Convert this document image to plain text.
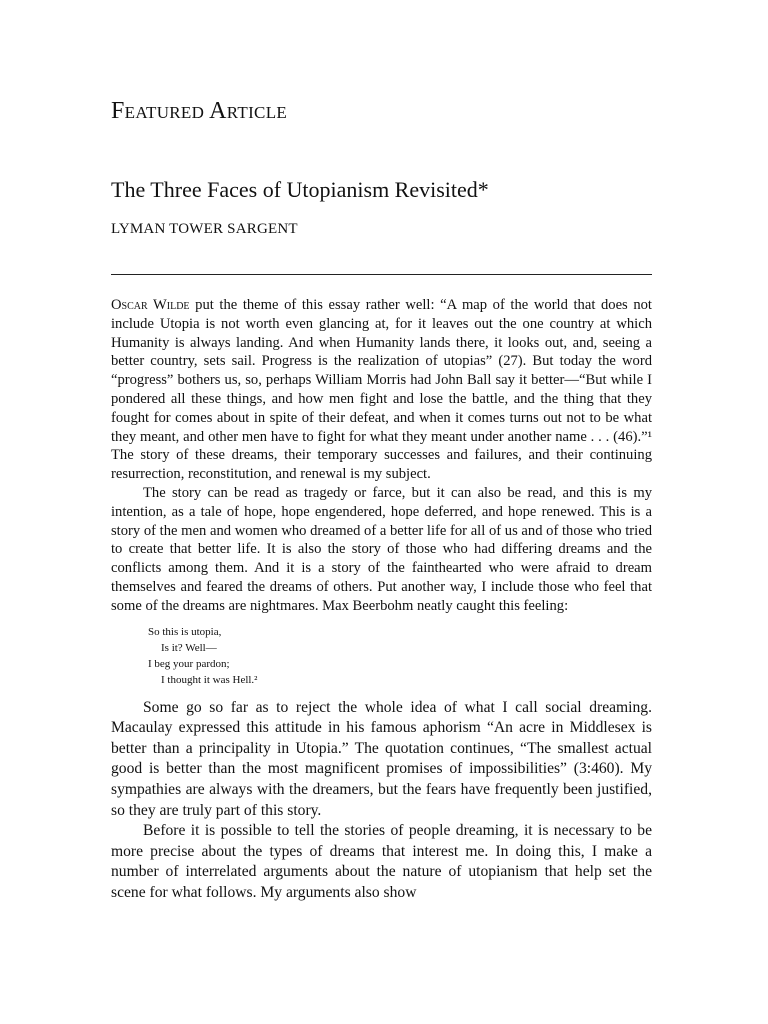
Featured Article
The Three Faces of Utopianism Revisited*

LYMAN TOWER SARGENT

Oscar Wilde put the theme of this essay rather well: “A map of the world that does not include Utopia is not worth even glancing at, for it leaves out the one country at which Humanity is always landing. And when Humanity lands there, it looks out, and, seeing a better country, sets sail. Progress is the realization of utopias” (27). But today the word “progress” bothers us, so, perhaps William Morris had John Ball say it better—“But while I pondered all these things, and how men fight and lose the battle, and the thing that they fought for comes about in spite of their defeat, and when it comes turns out not to be what they meant, and other men have to fight for what they meant under another name . . . (46).”¹ The story of these dreams, their temporary successes and failures, and their continuing resurrection, reconstitution, and renewal is my subject.

The story can be read as tragedy or farce, but it can also be read, and this is my intention, as a tale of hope, hope engendered, hope deferred, and hope renewed. This is a story of the men and women who dreamed of a better life for all of us and of those who tried to create that better life. It is also the story of those who had differing dreams and the conflicts among them. And it is a story of the fainthearted who were afraid to dream themselves and feared the dreams of others. Put another way, I include those who feel that some of the dreams are nightmares. Max Beerbohm neatly caught this feeling:

So this is utopia,
Is it? Well—
I beg your pardon;
I thought it was Hell.²

Some go so far as to reject the whole idea of what I call social dreaming. Macaulay expressed this attitude in his famous aphorism “An acre in Middlesex is better than a principality in Utopia.” The quotation continues, “The smallest actual good is better than the most magnificent promises of impossibilities” (3:460). My sympathies are always with the dreamers, but the fears have frequently been justified, so they are truly part of this story.

Before it is possible to tell the stories of people dreaming, it is necessary to be more precise about the types of dreams that interest me. In doing this, I make a number of interrelated arguments about the nature of utopianism that help set the scene for what follows. My arguments also show
